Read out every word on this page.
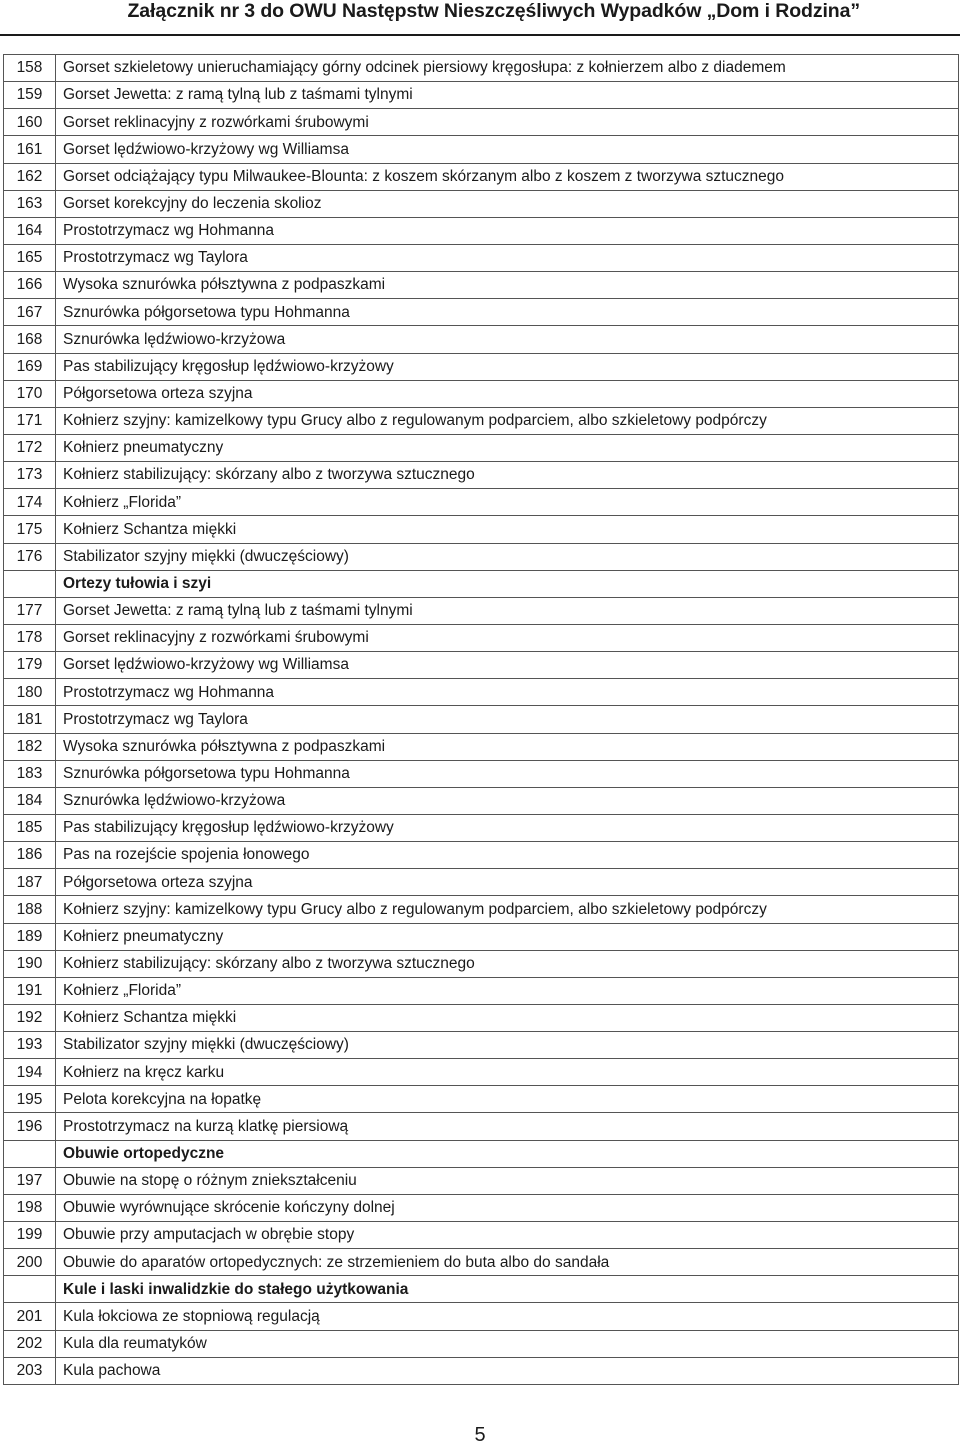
Załącznik nr 3 do OWU Następstw Nieszczęśliwych Wypadków „Dom i Rodzina”
158	Gorset szkieletowy unieruchamiający górny odcinek piersiowy kręgosłupa: z kołnierzem albo z diademem
159	Gorset Jewetta: z ramą tylną lub z taśmami tylnymi
160	Gorset reklinacyjny z rozwórkami śrubowymi
161	Gorset lędźwiowo-krzyżowy wg Williamsa
162	Gorset odciążający typu Milwaukee-Blounta: z koszem skórzanym albo z koszem z tworzywa sztucznego
163	Gorset korekcyjny do leczenia skolioz
164	Prostotrzymacz wg Hohmanna
165	Prostotrzymacz wg Taylora
166	Wysoka sznurówka półsztywna z podpaszkami
167	Sznurówka półgorsetowa typu Hohmanna
168	Sznurówka lędźwiowo-krzyżowa
169	Pas stabilizujący kręgosłup lędźwiowo-krzyżowy
170	Półgorsetowa orteza szyjna
171	Kołnierz szyjny: kamizelkowy typu Grucy albo z regulowanym podparciem, albo szkieletowy podpórczy
172	Kołnierz pneumatyczny
173	Kołnierz stabilizujący: skórzany albo z tworzywa sztucznego
174	Kołnierz „Florida”
175	Kołnierz Schantza miękki
176	Stabilizator szyjny miękki (dwuczęściowy)
	Ortezy tułowia i szyi
177	Gorset Jewetta: z ramą tylną lub z taśmami tylnymi
178	Gorset reklinacyjny z rozwórkami śrubowymi
179	Gorset lędźwiowo-krzyżowy wg Williamsa
180	Prostotrzymacz wg Hohmanna
181	Prostotrzymacz wg Taylora
182	Wysoka sznurówka półsztywna z podpaszkami
183	Sznurówka półgorsetowa typu Hohmanna
184	Sznurówka lędźwiowo-krzyżowa
185	Pas stabilizujący kręgosłup lędźwiowo-krzyżowy
186	Pas na rozejście spojenia łonowego
187	Półgorsetowa orteza szyjna
188	Kołnierz szyjny: kamizelkowy typu Grucy albo z regulowanym podparciem, albo szkieletowy podpórczy
189	Kołnierz pneumatyczny
190	Kołnierz stabilizujący: skórzany albo z tworzywa sztucznego
191	Kołnierz „Florida”
192	Kołnierz Schantza miękki
193	Stabilizator szyjny miękki (dwuczęściowy)
194	Kołnierz na kręcz karku
195	Pelota korekcyjna na łopatkę
196	Prostotrzymacz na kurzą klatkę piersiową
	Obuwie ortopedyczne
197	Obuwie na stopę o różnym zniekształceniu
198	Obuwie wyrównujące skrócenie kończyny dolnej
199	Obuwie przy amputacjach w obrębie stopy
200	Obuwie do aparatów ortopedycznych: ze strzemieniem do buta albo do sandała
	Kule i laski inwalidzkie do stałego użytkowania
201	Kula łokciowa ze stopniową regulacją
202	Kula dla reumatyków
203	Kula pachowa
5
